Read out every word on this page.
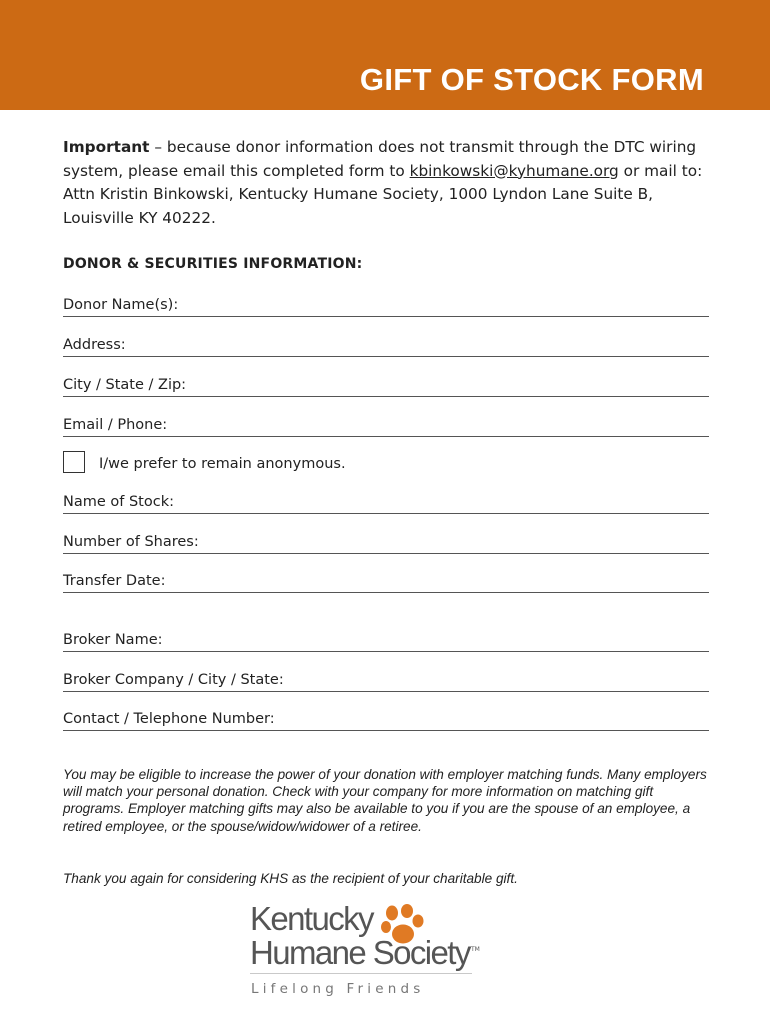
GIFT OF STOCK FORM

Important – because donor information does not transmit through the DTC wiring system, please email this completed form to kbinkowski@kyhumane.org or mail to: Attn Kristin Binkowski, Kentucky Humane Society, 1000 Lyndon Lane Suite B, Louisville KY 40222.

DONOR & SECURITIES INFORMATION:
Donor Name(s):
Address:
City / State / Zip:
Email / Phone:
I/we prefer to remain anonymous.
Name of Stock:
Number of Shares:
Transfer Date:
Broker Name:
Broker Company / City / State:
Contact / Telephone Number:

You may be eligible to increase the power of your donation with employer matching funds. Many employers will match your personal donation. Check with your company for more information on matching gift programs. Employer matching gifts may also be available to you if you are the spouse of an employee, a retired employee, or the spouse/widow/widower of a retiree.

Thank you again for considering KHS as the recipient of your charitable gift.

Kentucky

Humane Society TM
Lifelong Friends
